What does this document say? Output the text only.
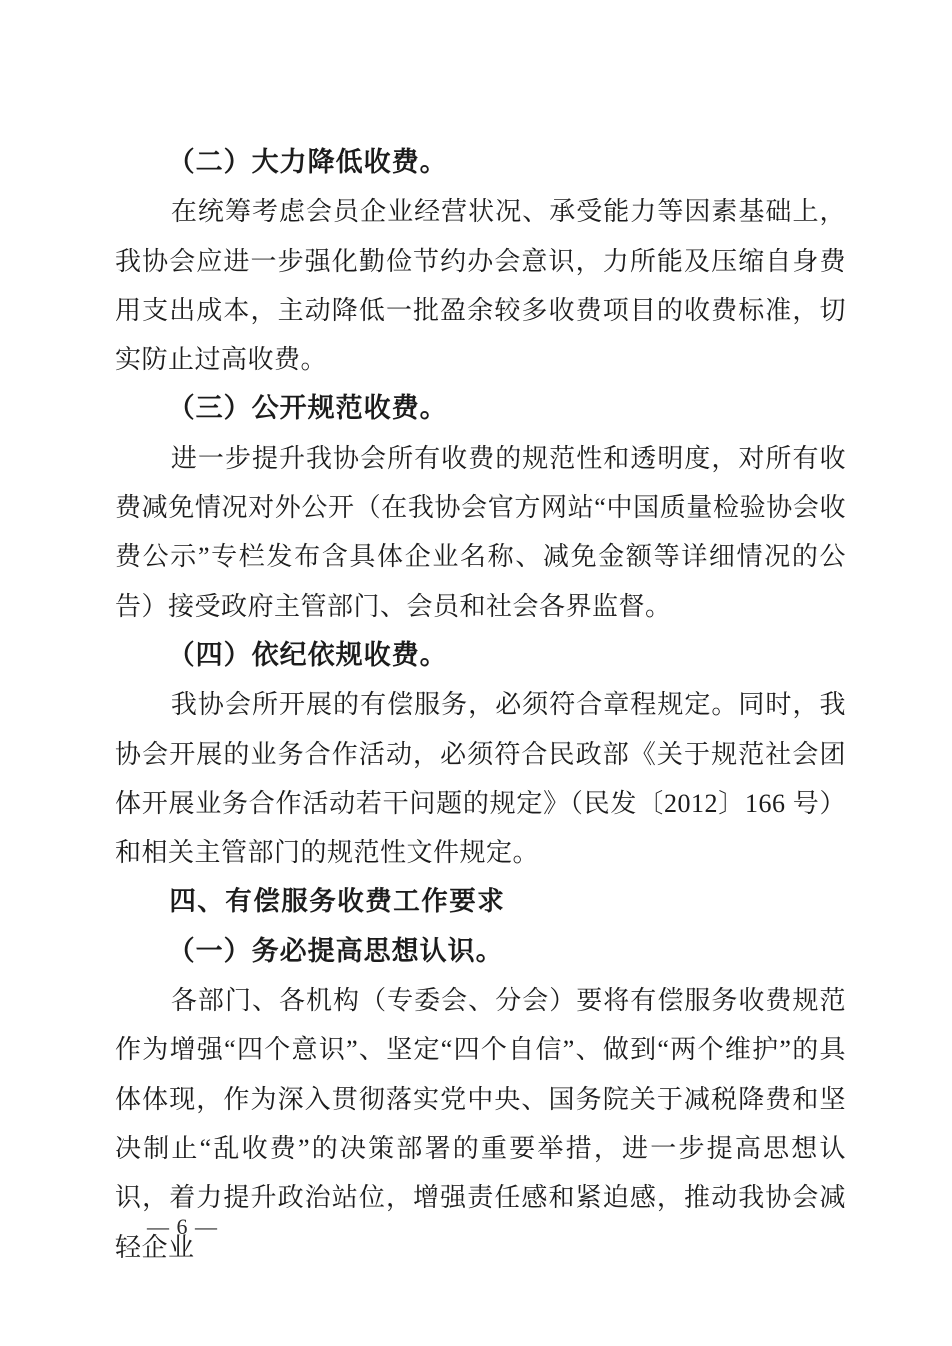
（二）大力降低收费。

在统筹考虑会员企业经营状况、承受能力等因素基础上，我协会应进一步强化勤俭节约办会意识，力所能及压缩自身费用支出成本，主动降低一批盈余较多收费项目的收费标准，切实防止过高收费。

（三）公开规范收费。

进一步提升我协会所有收费的规范性和透明度，对所有收费减免情况对外公开（在我协会官方网站“中国质量检验协会收费公示”专栏发布含具体企业名称、减免金额等详细情况的公告）接受政府主管部门、会员和社会各界监督。

（四）依纪依规收费。

我协会所开展的有偿服务，必须符合章程规定。同时，我协会开展的业务合作活动，必须符合民政部《关于规范社会团体开展业务合作活动若干问题的规定》（民发〔2012〕166 号）和相关主管部门的规范性文件规定。

四、有偿服务收费工作要求

（一）务必提高思想认识。

各部门、各机构（专委会、分会）要将有偿服务收费规范作为增强“四个意识”、坚定“四个自信”、做到“两个维护”的具体体现，作为深入贯彻落实党中央、国务院关于减税降费和坚决制止“乱收费”的决策部署的重要举措，进一步提高思想认识，着力提升政治站位，增强责任感和紧迫感，推动我协会减轻企业

— 6 —
